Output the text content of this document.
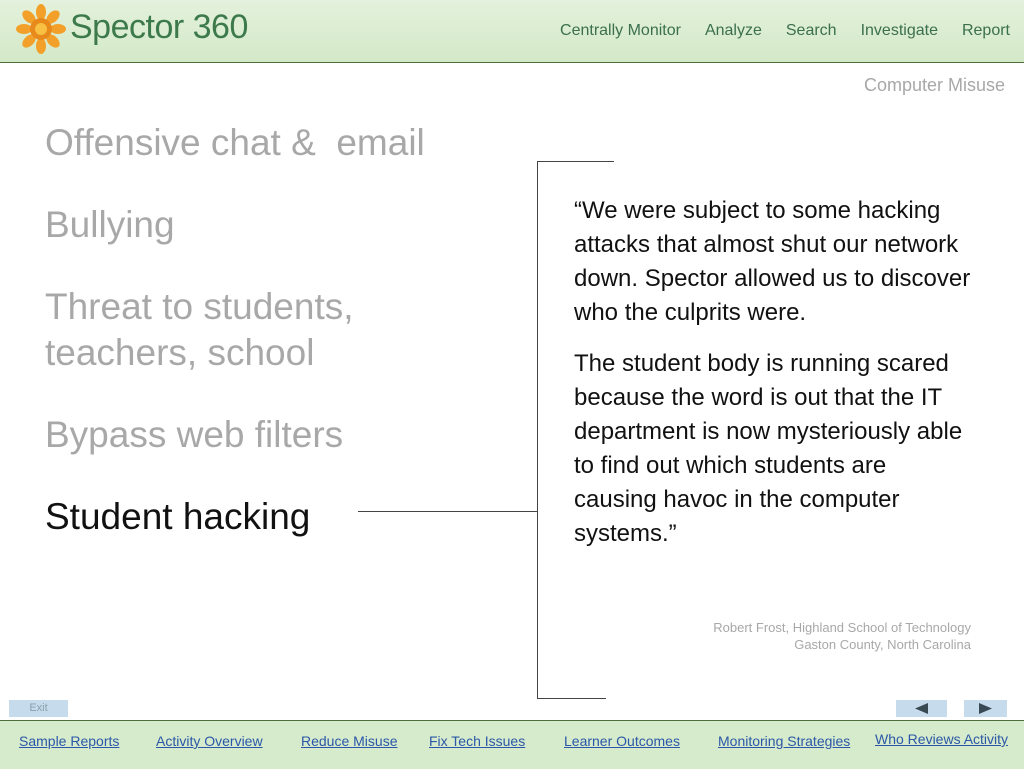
Spector 360	Centrally Monitor Analyze Search Investigate Report
Computer Misuse
Offensive chat &  email
Bullying
Threat to students,
teachers, school
Bypass web filters
Student hacking

“We were subject to some hacking attacks that almost shut our network down. Spector allowed us to discover who the culprits were.

The student body is running scared because the word is out that the IT department is now mysteriously able to find out which students are causing havoc in the computer systems.”

Robert Frost, Highland School of Technology
Gaston County, North Carolina
Exit
Sample Reports	Activity Overview	Reduce Misuse Fix Tech Issues	Learner Outcomes	Monitoring Strategies Who Reviews Activity
